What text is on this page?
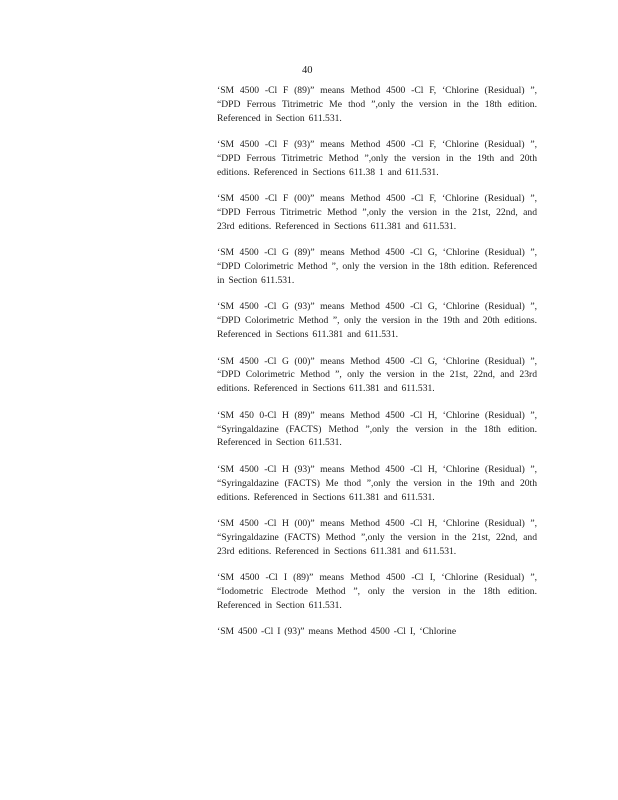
40

‘SM 4500 -Cl F (89)” means Method 4500 -Cl F, ‘Chlorine (Residual) ”, “DPD Ferrous Titrimetric Me thod ”,only the version in the 18th edition. Referenced in Section 611.531.

‘SM 4500 -Cl F (93)” means Method 4500 -Cl F, ‘Chlorine (Residual) ”, “DPD Ferrous Titrimetric Method ”,only the version in the 19th and 20th editions. Referenced in Sections 611.38 1 and 611.531.

‘SM 4500 -Cl F (00)” means Method 4500 -Cl F, ‘Chlorine (Residual) ”, “DPD Ferrous Titrimetric Method ”,only the version in the 21st, 22nd, and 23rd editions. Referenced in Sections 611.381 and 611.531.

‘SM 4500 -Cl G (89)” means Method 4500 -Cl G, ‘Chlorine (Residual) ”, “DPD Colorimetric Method ”, only the version in the 18th edition. Referenced in Section 611.531.

‘SM 4500 -Cl G (93)” means Method 4500 -Cl G, ‘Chlorine (Residual) ”, “DPD Colorimetric Method ”, only the version in the 19th and 20th editions. Referenced in Sections 611.381 and 611.531.

‘SM 4500 -Cl G (00)” means Method 4500 -Cl G, ‘Chlorine (Residual) ”, “DPD Colorimetric Method ”, only the version in the 21st, 22nd, and 23rd editions. Referenced in Sections 611.381 and 611.531.

‘SM 450 0-Cl H (89)” means Method 4500 -Cl H, ‘Chlorine (Residual) ”, “Syringaldazine (FACTS) Method ”,only the version in the 18th edition. Referenced in Section 611.531.

‘SM 4500 -Cl H (93)” means Method 4500 -Cl H, ‘Chlorine (Residual) ”, “Syringaldazine (FACTS) Me thod ”,only the version in the 19th and 20th editions. Referenced in Sections 611.381 and 611.531.

‘SM 4500 -Cl H (00)” means Method 4500 -Cl H, ‘Chlorine (Residual) ”, “Syringaldazine (FACTS) Method ”,only the version in the 21st, 22nd, and 23rd editions. Referenced in Sections 611.381 and 611.531.

‘SM 4500 -Cl I (89)” means Method 4500 -Cl I, ‘Chlorine (Residual) ”, “Iodometric Electrode Method ”, only the version in the 18th edition. Referenced in Section 611.531.

‘SM 4500 -Cl I (93)” means Method 4500 -Cl I, ‘Chlorine
